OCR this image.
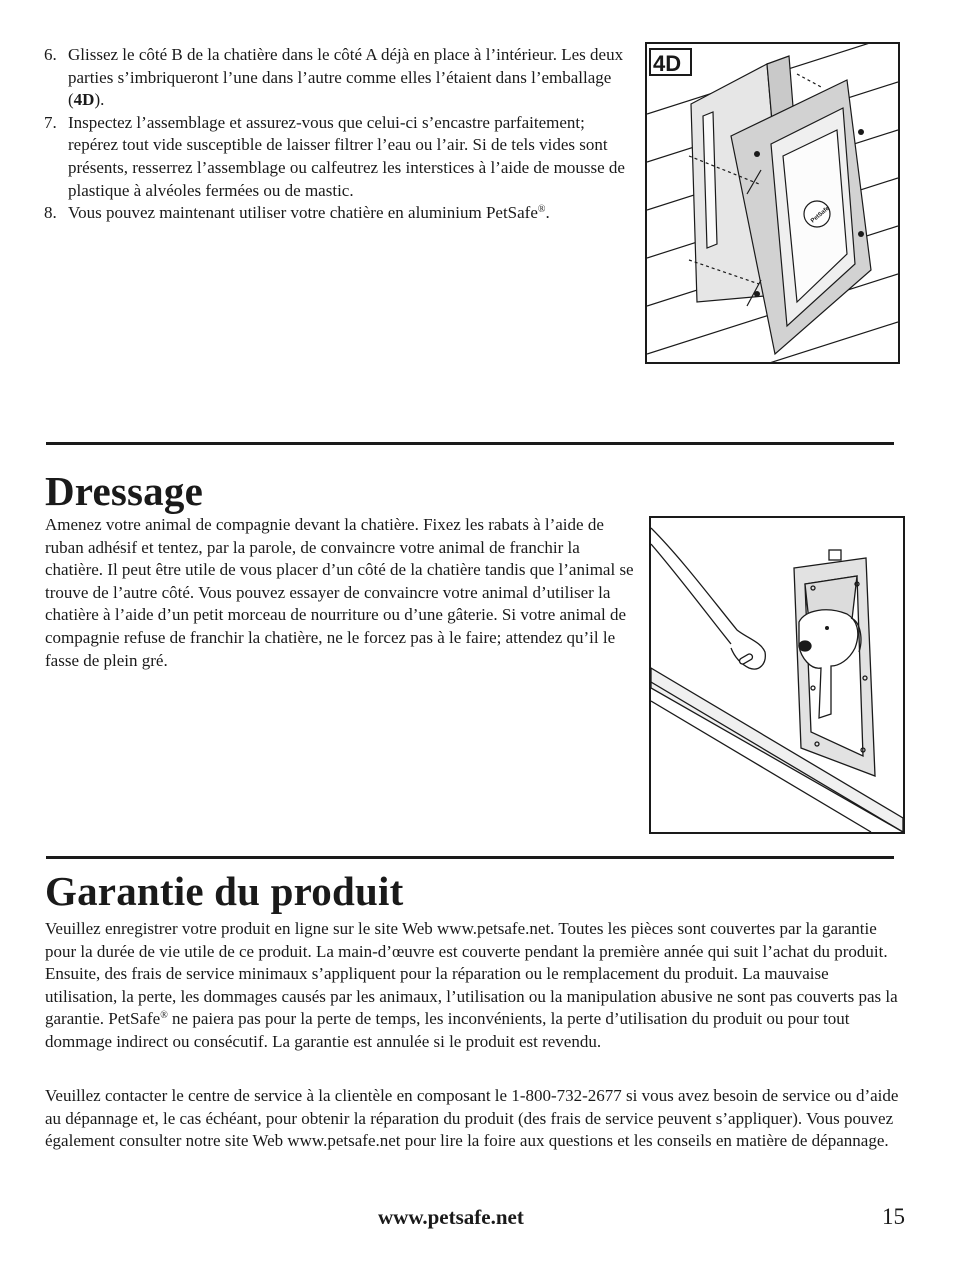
6. Glissez le côté B de la chatière dans le côté A déjà en place à l’intérieur. Les deux parties s’imbriqueront l’une dans l’autre comme elles l’étaient dans l’emballage (4D).
7. Inspectez l’assemblage et assurez-vous que celui-ci s’encastre parfaitement; repérez tout vide susceptible de laisser filtrer l’eau ou l’air. Si de tels vides sont présents, resserrez l’assemblage ou calfeutrez les interstices à l’aide de mousse de plastique à alvéoles fermées ou de mastic.
8. Vous pouvez maintenant utiliser votre chatière en aluminium PetSafe®.
4D
PetSafe
Dressage

Amenez votre animal de compagnie devant la chatière. Fixez les rabats à l’aide de ruban adhésif et tentez, par la parole, de convaincre votre animal de franchir la chatière. Il peut être utile de vous placer d’un côté de la chatière tandis que l’animal se trouve de l’autre côté. Vous pouvez essayer de convaincre votre animal d’utiliser la chatière à l’aide d’un petit morceau de nourriture ou d’une gâterie. Si votre animal de compagnie refuse de franchir la chatière, ne le forcez pas à le faire; attendez qu’il le fasse de plein gré.

Garantie du produit

Veuillez enregistrer votre produit en ligne sur le site Web www.petsafe.net. Toutes les pièces sont couvertes par la garantie pour la durée de vie utile de ce produit. La main-d’œuvre est couverte pendant la première année qui suit l’achat du produit. Ensuite, des frais de service minimaux s’appliquent pour la réparation ou le remplacement du produit. La mauvaise utilisation, la perte, les dommages causés par les animaux, l’utilisation ou la manipulation abusive ne sont pas couverts pas la garantie. PetSafe® ne paiera pas pour la perte de temps, les inconvénients, la perte d’utilisation du produit ou pour tout dommage indirect ou consécutif. La garantie est annulée si le produit est revendu.

Veuillez contacter le centre de service à la clientèle en composant le 1-800-732-2677 si vous avez besoin de service ou d’aide au dépannage et, le cas échéant, pour obtenir la réparation du produit (des frais de service peuvent s’appliquer). Vous pouvez également consulter notre site Web www.petsafe.net pour lire la foire aux questions et les conseils en matière de dépannage.

www.petsafe.net	15
